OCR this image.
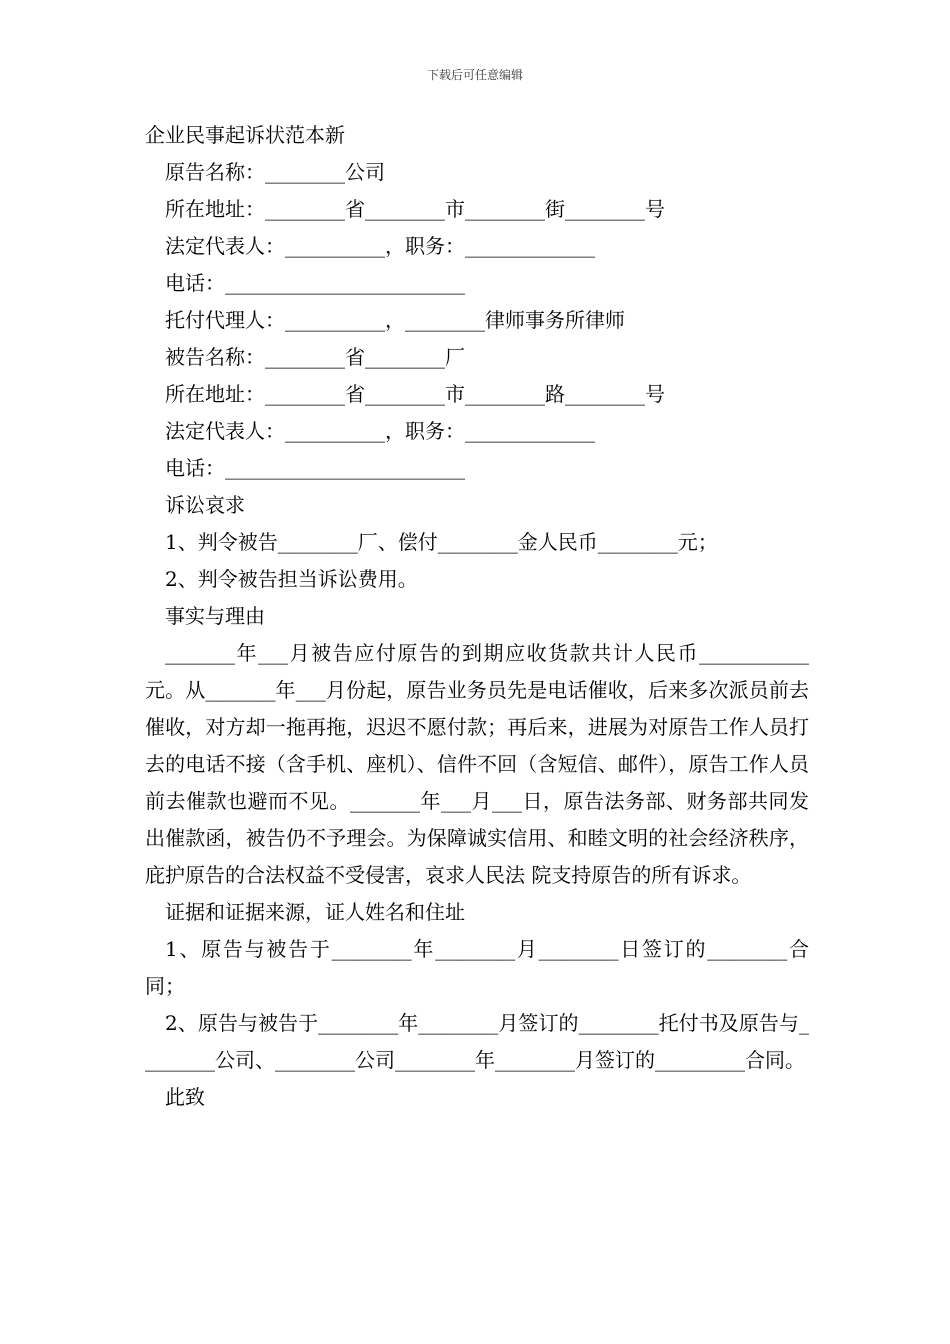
下载后可任意编辑
企业民事起诉状范本新
原告名称：________公司
所在地址：________省________市________街________号
法定代表人：__________，职务：_____________
电话：________________________
托付代理人：__________，________律师事务所律师
被告名称：________省________厂
所在地址：________省________市________路________号
法定代表人：__________，职务：_____________
电话：________________________
诉讼哀求
1、判令被告________厂、偿付________金人民币________元；
2、判令被告担当诉讼费用。
事实与理由
_______年___月被告应付原告的到期应收货款共计人民币___________元。从_______年___月份起，原告业务员先是电话催收，后来多次派员前去催收，对方却一拖再拖，迟迟不愿付款；再后来，进展为对原告工作人员打去的电话不接（含手机、座机）、信件不回（含短信、邮件），原告工作人员前去催款也避而不见。_______年___月___日，原告法务部、财务部共同发出催款函，被告仍不予理会。为保障诚实信用、和睦文明的社会经济秩序，庇护原告的合法权益不受侵害，哀求人民法 院支持原告的所有诉求。
证据和证据来源，证人姓名和住址
1、原告与被告于________年________月________日签订的________合同；
2、原告与被告于________年________月签订的________托付书及原告与________公司、________公司________年________月签订的_________合同。
此致
